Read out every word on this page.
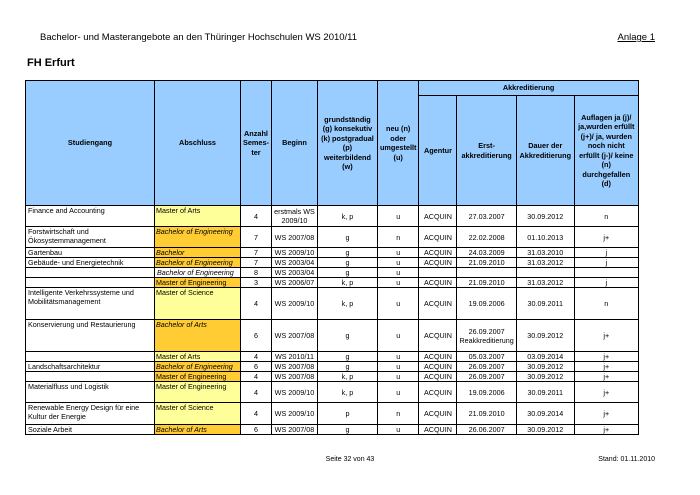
Bachelor- und Masterangebote an den Thüringer Hochschulen WS 2010/11	Anlage 1
FH Erfurt
Studiengang	Abschluss	Anzahl Semes- ter	Beginn	grundständig (g) konsekutiv (k) postgradual (p) weiterbildend (w)	neu (n) oder umgestellt (u)	Akkreditierung			
						Agentur	Erst- akkreditierung	Dauer der Akkreditierung	Auflagen ja (j)/ ja,wurden erfüllt (j+)/ ja, wurden noch nicht erfüllt (j-)/ keine (n) durchgefallen (d)
Finance and Accounting	Master of Arts	4	erstmals WS 2009/10	k, p	u	ACQUIN	27.03.2007	30.09.2012	n
Forstwirtschaft und Ökosystemmanagement	Bachelor of Engineering	7	WS 2007/08	g	n	ACQUIN	22.02.2008	01.10.2013	j+
Gartenbau	Bachelor	7	WS 2009/10	g	u	ACQUIN	24.03.2009	31.03.2010	j
Gebäude- und Energietechnik	Bachelor of Engineering	7	WS 2003/04	g	u	ACQUIN	21.09.2010	31.03.2012	j
	Bachelor of Engineering	8	WS 2003/04	g	u				
	Master of Engineering	3	WS 2006/07	k, p	u	ACQUIN	21.09.2010	31.03.2012	j
Intelligente Verkehrssysteme und Mobilitätsmanagement	Master of Science	4	WS 2009/10	k, p	u	ACQUIN	19.09.2006	30.09.2011	n
Konservierung und Restaurierung	Bachelor of Arts	6	WS 2007/08	g	u	ACQUIN	26.09.2007 Reakkreditierung	30.09.2012	j+
	Master of Arts	4	WS 2010/11	g	u	ACQUIN	05.03.2007	03.09.2014	j+
Landschaftsarchitektur	Bachelor of Engineering	6	WS 2007/08	g	u	ACQUIN	26.09.2007	30.09.2012	j+
	Master of Engineering	4	WS 2007/08	k, p	u	ACQUIN	26.09.2007	30.09.2012	j+
Materialfluss und Logistik	Master of Engineering	4	WS 2009/10	k, p	u	ACQUIN	19.09.2006	30.09.2011	j+
Renewable Energy Design für eine Kultur der Energie	Master of Science	4	WS 2009/10	p	n	ACQUIN	21.09.2010	30.09.2014	j+
Soziale Arbeit	Bachelor of Arts	6	WS 2007/08	g	u	ACQUIN	26.06.2007	30.09.2012	j+
Seite 32 von 43	Stand: 01.11.2010
